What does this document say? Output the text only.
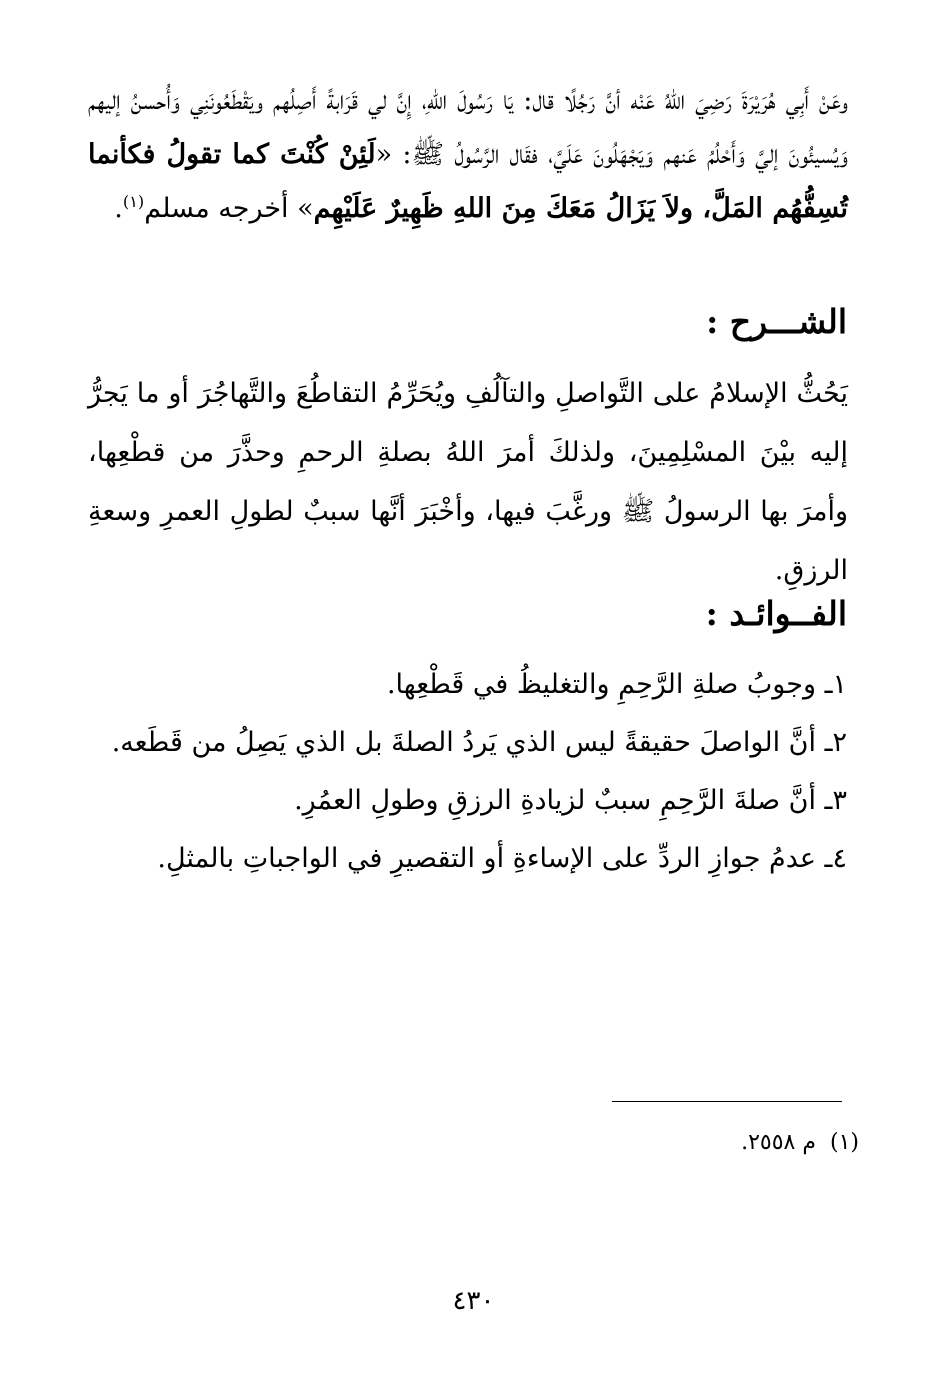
وعَنْ أَبِي هُرَيْرَةَ رَضِيَ اللهُ عَنْه أنَّ رَجُلًا قال: يَا رَسُولَ اللهِ، إِنَّ لي قَرَابةً أَصِلُهم ويَقْطَعُونَنِي وَأُحسنُ إليهم وَيُسيئُونَ إليَّ وَأَحْلُمُ عَنهم وَيَجْهَلُونَ عَلَيَّ، فقَال الرَّسُولُ ﷺ: «لَئِنْ كُنْتَ كما تقولُ فكأنما تُسِفُّهُم المَلَّ، ولاَ يَزَالُ مَعَكَ مِنَ اللهِ ظَهِيرٌ عَلَيْهِم» أخرجه مسلم$^{(١)}$.

الشـــرح :

يَحُثُّ الإسلامُ على التَّواصلِ والتآلُفِ ويُحَرِّمُ التقاطُعَ والتَّهاجُرَ أو ما يَجرُّ إليه بيْنَ المسْلِمِينَ، ولذلكَ أمرَ اللهُ بصلةِ الرحمِ وحذَّرَ من قطْعِها، وأمرَ بها الرسولُ ﷺ ورغَّبَ فيها، وأخْبَرَ أنَّها سببٌ لطولِ العمرِ وسعةِ الرزقِ.

الفــوائـد :
١ـ وجوبُ صلةِ الرَّحِمِ والتغليظُ في قَطْعِها.
٢ـ أنَّ الواصلَ حقيقةً ليس الذي يَردُ الصلةَ بل الذي يَصِلُ من قَطَعه.
٣ـ أنَّ صلةَ الرَّحِمِ سببٌ لزيادةِ الرزقِ وطولِ العمُرِ.
٤ـ عدمُ جوازِ الردِّ على الإساءةِ أو التقصيرِ في الواجباتِ بالمثلِ.
(١)م ٢٥٥٨.
٤٣٠
